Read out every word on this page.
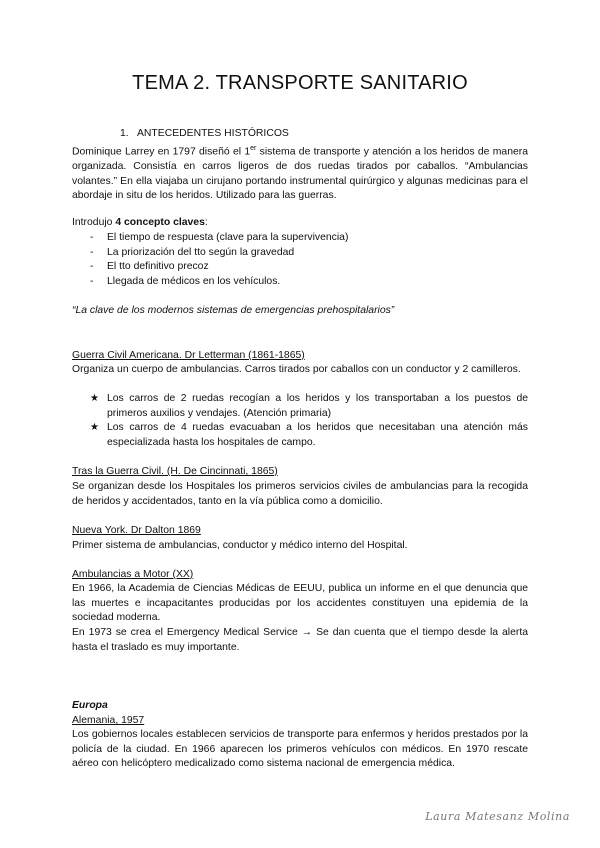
TEMA 2. TRANSPORTE SANITARIO
1. ANTECEDENTES HISTÓRICOS
Dominique Larrey en 1797 diseñó el 1er sistema de transporte y atención a los heridos de manera organizada. Consistía en carros ligeros de dos ruedas tirados por caballos. “Ambulancias volantes.” En ella viajaba un cirujano portando instrumental quirúrgico y algunas medicinas para el abordaje in situ de los heridos. Utilizado para las guerras.
Introdujo 4 concepto claves:
- El tiempo de respuesta (clave para la supervivencia)
- La priorización del tto según la gravedad
- El tto definitivo precoz
- Llegada de médicos en los vehículos.
“La clave de los modernos sistemas de emergencias prehospitalarios”
Guerra Civil Americana. Dr Letterman (1861-1865)
Organiza un cuerpo de ambulancias. Carros tirados por caballos con un conductor y 2 camilleros.
★ Los carros de 2 ruedas recogían a los heridos y los transportaban a los puestos de primeros auxilios y vendajes. (Atención primaria)
★ Los carros de 4 ruedas evacuaban a los heridos que necesitaban una atención más especializada hasta los hospitales de campo.
Tras la Guerra Civil. (H. De Cincinnati, 1865)
Se organizan desde los Hospitales los primeros servicios civiles de ambulancias para la recogida de heridos y accidentados, tanto en la vía pública como a domicilio.
Nueva York. Dr Dalton 1869
Primer sistema de ambulancias, conductor y médico interno del Hospital.
Ambulancias a Motor (XX)
En 1966, la Academia de Ciencias Médicas de EEUU, publica un informe en el que denuncia que las muertes e incapacitantes producidas por los accidentes constituyen una epidemia de la sociedad moderna.
En 1973 se crea el Emergency Medical Service → Se dan cuenta que el tiempo desde la alerta hasta el traslado es muy importante.
Europa
Alemania, 1957
Los gobiernos locales establecen servicios de transporte para enfermos y heridos prestados por la policía de la ciudad. En 1966 aparecen los primeros vehículos con médicos. En 1970 rescate aéreo con helicóptero medicalizado como sistema nacional de emergencia médica.
Laura Matesanz Molina
